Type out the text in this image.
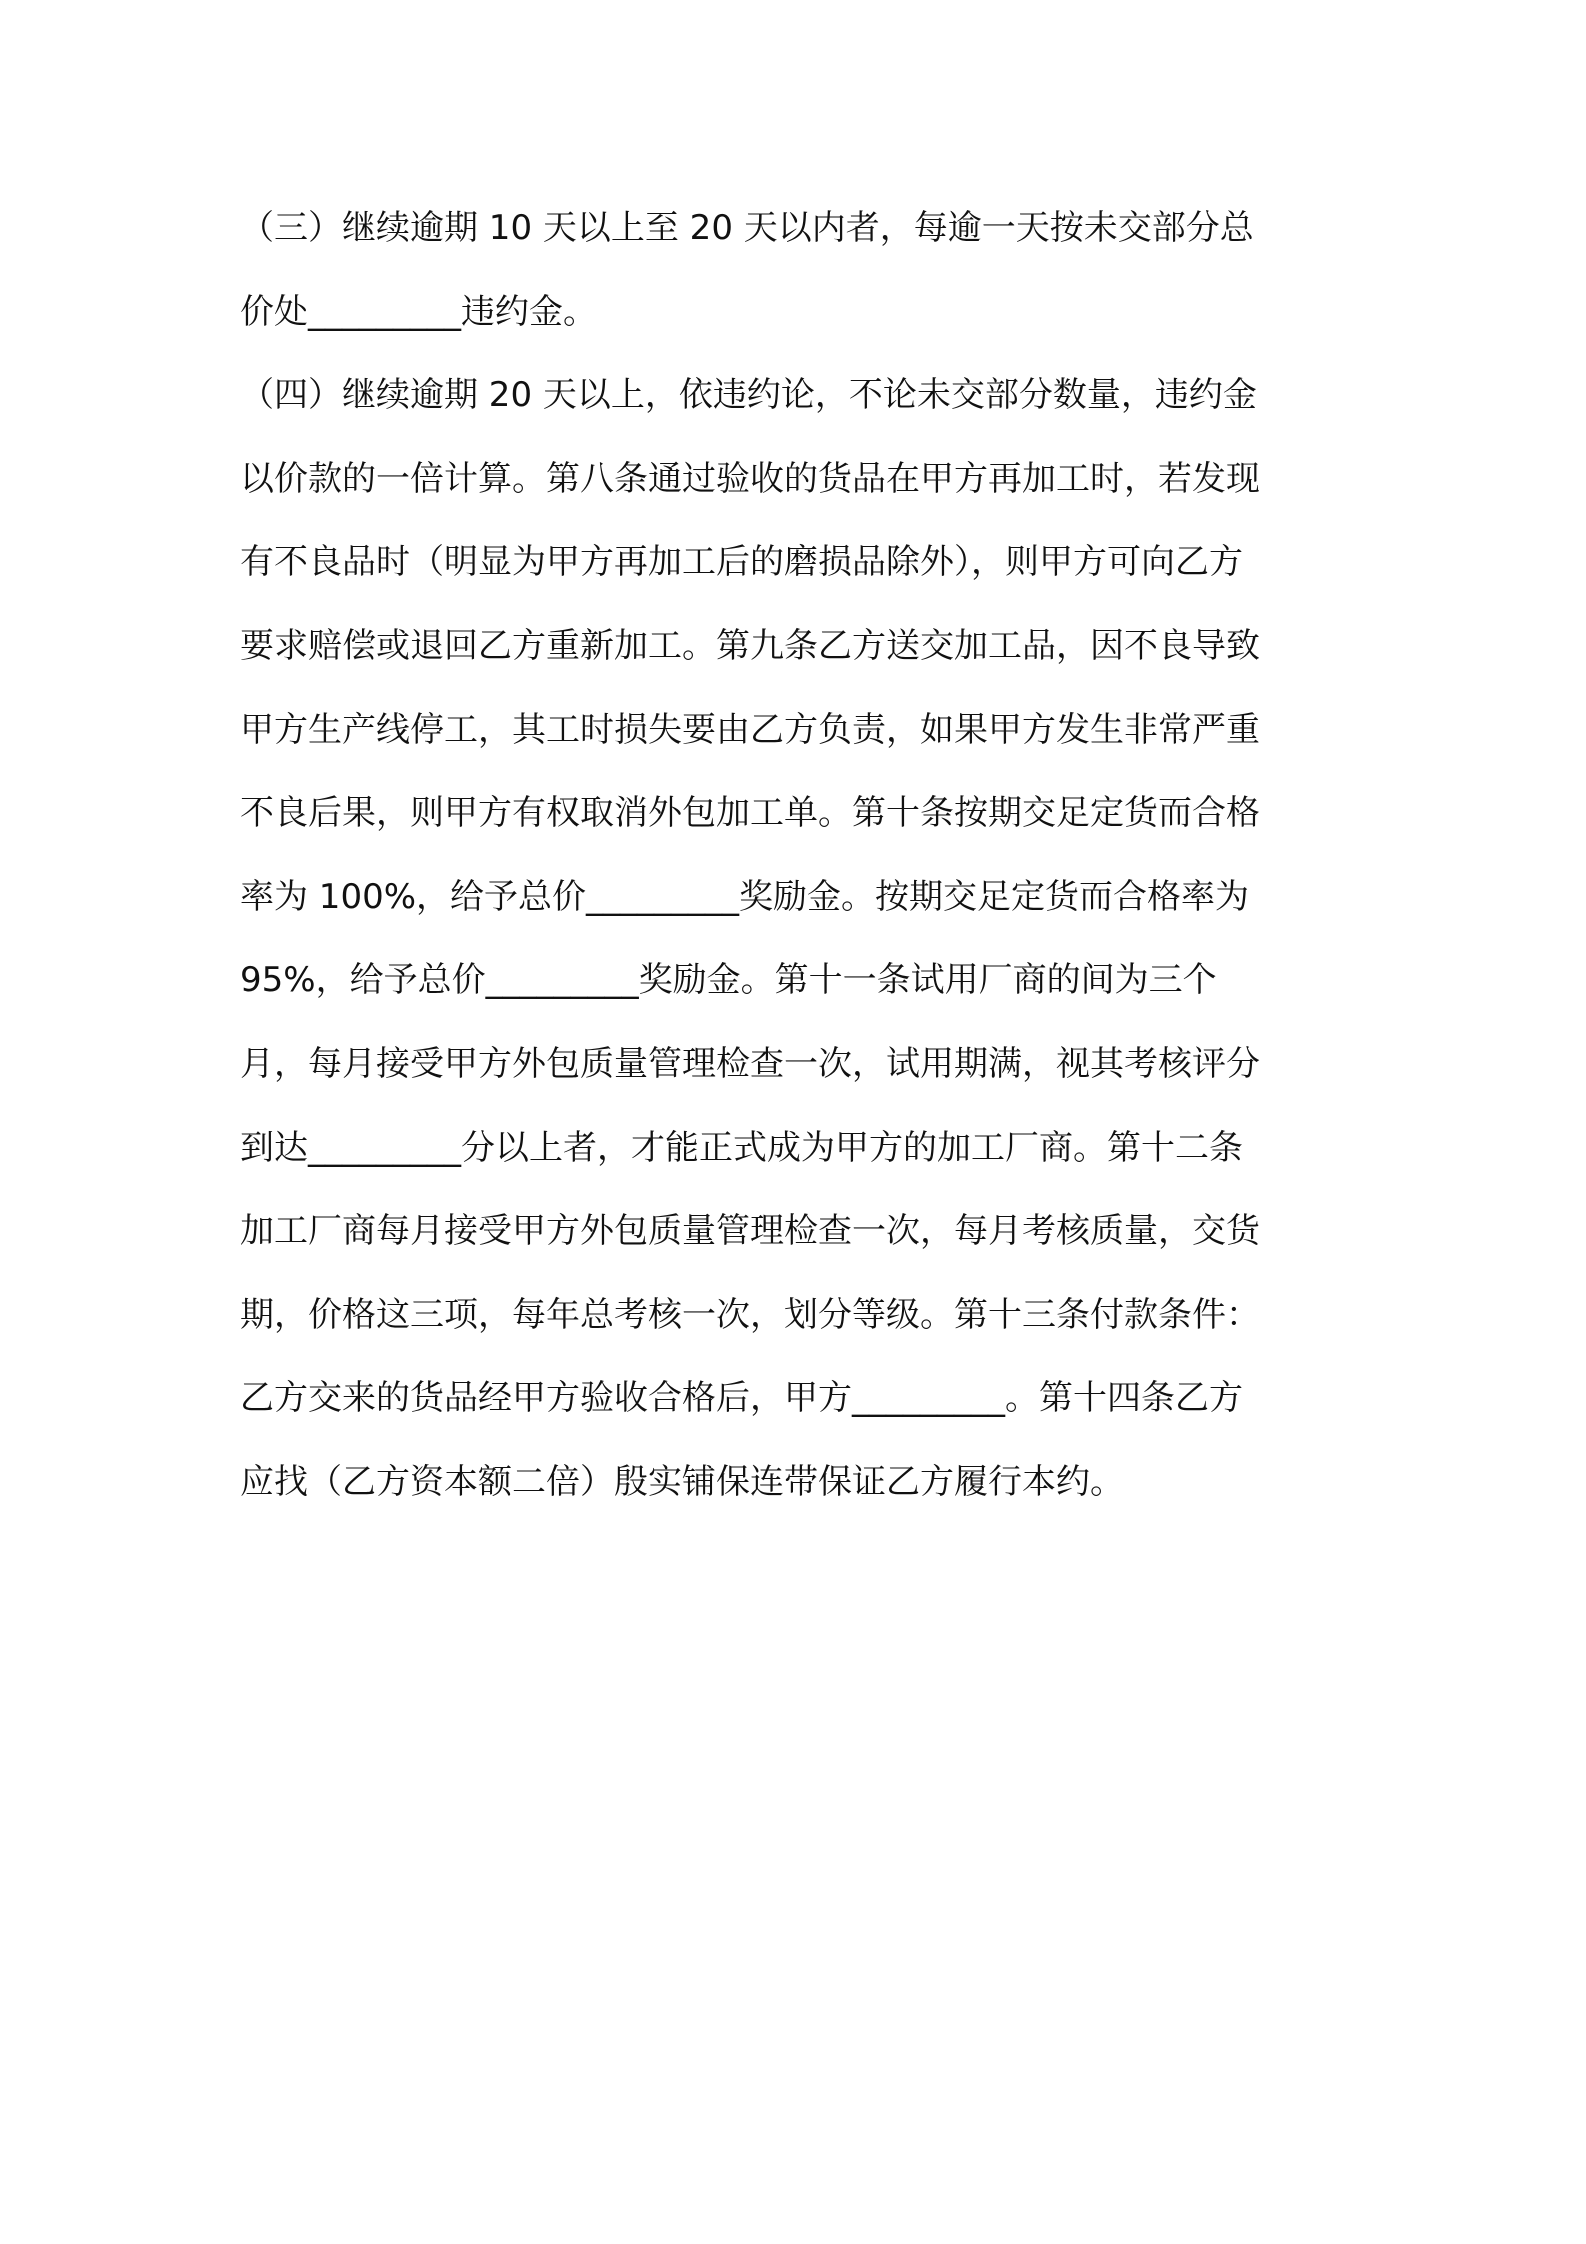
（三）继续逾期 10 天以上至 20 天以内者，每逾一天按未交部分总
价处_________违约金。
（四）继续逾期 20 天以上，依违约论，不论未交部分数量，违约金
以价款的一倍计算。第八条通过验收的货品在甲方再加工时，若发现
有不良品时（明显为甲方再加工后的磨损品除外），则甲方可向乙方
要求赔偿或退回乙方重新加工。第九条乙方送交加工品，因不良导致
甲方生产线停工，其工时损失要由乙方负责，如果甲方发生非常严重
不良后果，则甲方有权取消外包加工单。第十条按期交足定货而合格
率为 100%，给予总价_________奖励金。按期交足定货而合格率为
95%，给予总价_________奖励金。第十一条试用厂商的间为三个
月，每月接受甲方外包质量管理检查一次，试用期满，视其考核评分
到达_________分以上者，才能正式成为甲方的加工厂商。第十二条
加工厂商每月接受甲方外包质量管理检查一次，每月考核质量，交货
期，价格这三项，每年总考核一次，划分等级。第十三条付款条件：
乙方交来的货品经甲方验收合格后，甲方_________。第十四条乙方
应找（乙方资本额二倍）殷实铺保连带保证乙方履行本约。
